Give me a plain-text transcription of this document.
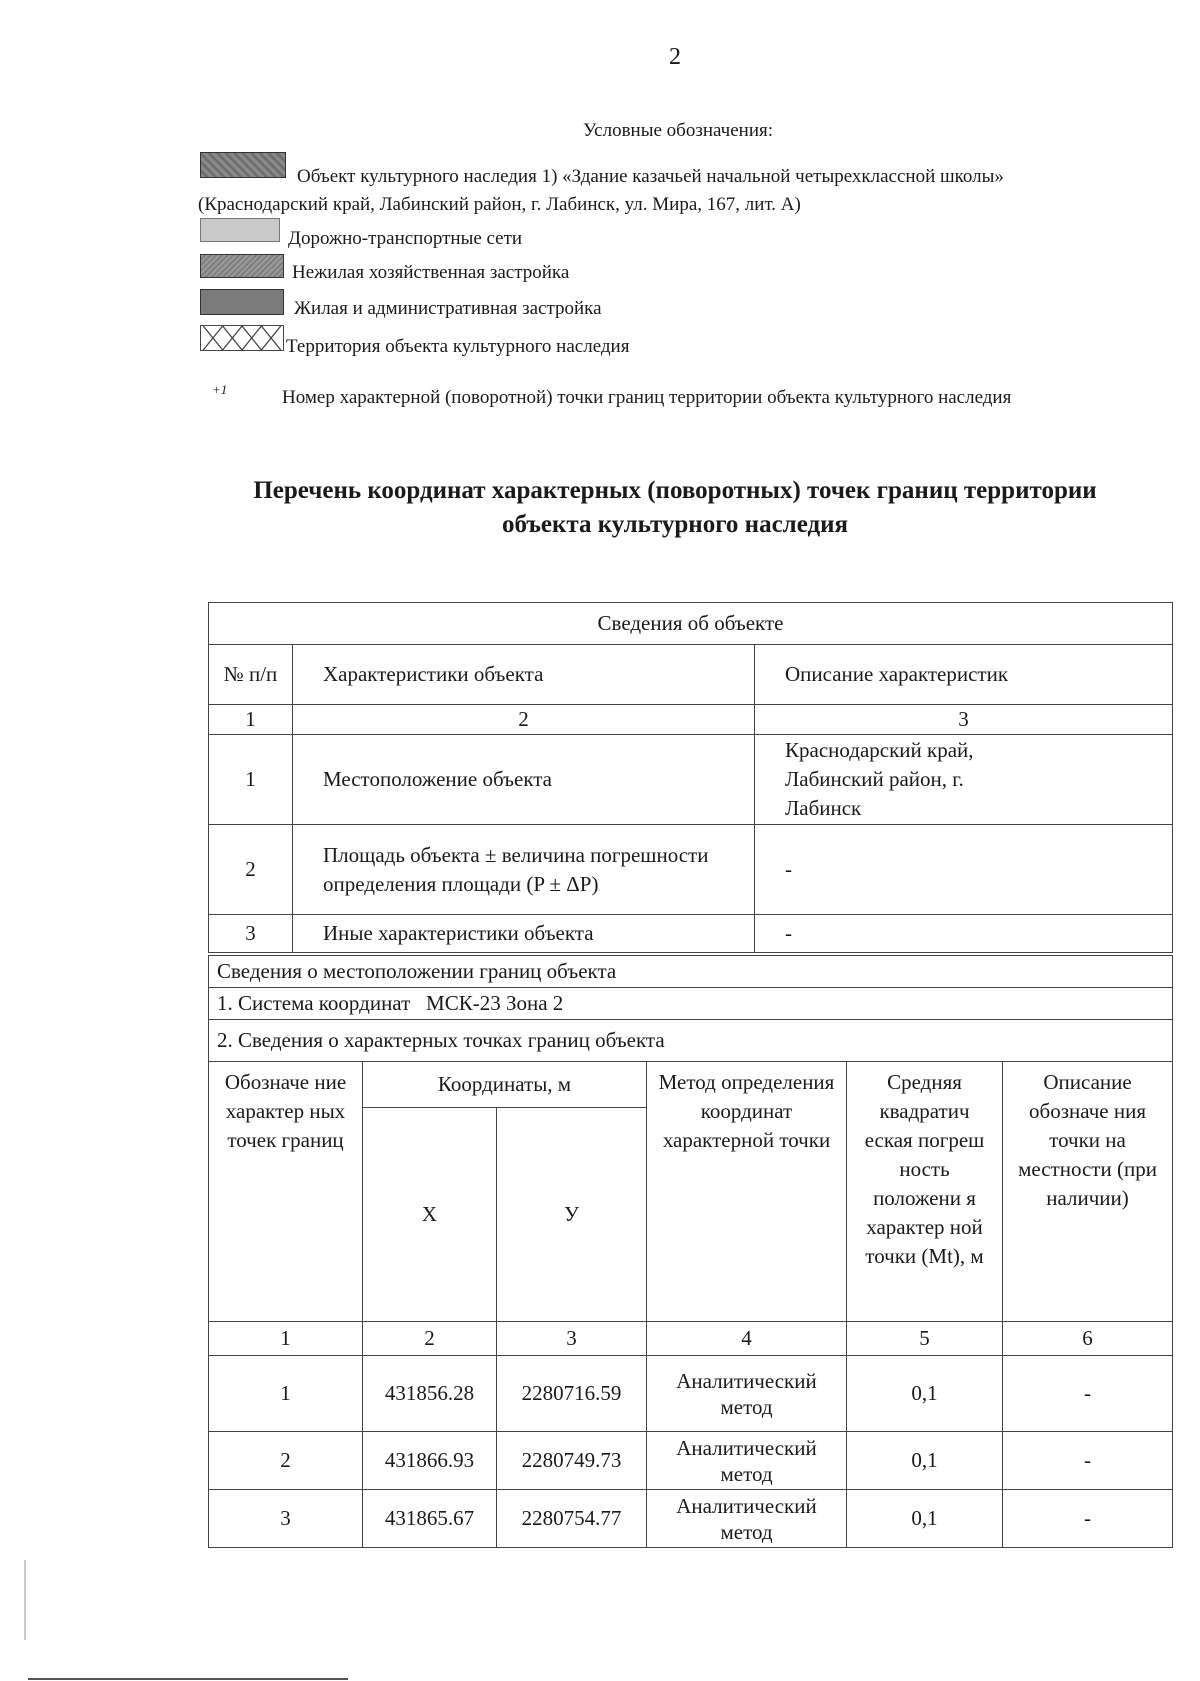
2
Условные обозначения:
Объект культурного наследия 1) «Здание казачьей начальной четырехклассной школы»
(Краснодарский край, Лабинский район, г. Лабинск, ул. Мира, 167, лит. А)
Дорожно-транспортные сети
Нежилая хозяйственная застройка
Жилая и административная застройка
Территория объекта культурного наследия
+1	Номер характерной (поворотной) точки границ территории объекта культурного наследия
Перечень координат характерных (поворотных) точек границ территории
объекта культурного наследия
Сведения об объекте		
№ п/п	Характеристики объекта	Описание характеристик
1	2	3
1	Местоположение объекта	Краснодарский край, Лабинский район, г. Лабинск
2	Площадь объекта ± величина погрешности определения площади (P ± ΔP)	-
3	Иные характеристики объекта	-
Сведения о местоположении границ объекта					
1. Система координат МСК-23 Зона 2					
2. Сведения о характерных точках границ объекта					
Обозначе ние характер ных точек границ	Координаты, м		Метод определения координат характерной точки	Средняя квадратич еская погреш ность положени я характер ной точки (Mt), м	Описание обозначе ния точки на местности (при наличии)
	X	У			
1	2	3	4	5	6
1	431856.28	2280716.59	Аналитический метод	0,1	-
2	431866.93	2280749.73	Аналитический метод	0,1	-
3	431865.67	2280754.77	Аналитический метод	0,1	-
